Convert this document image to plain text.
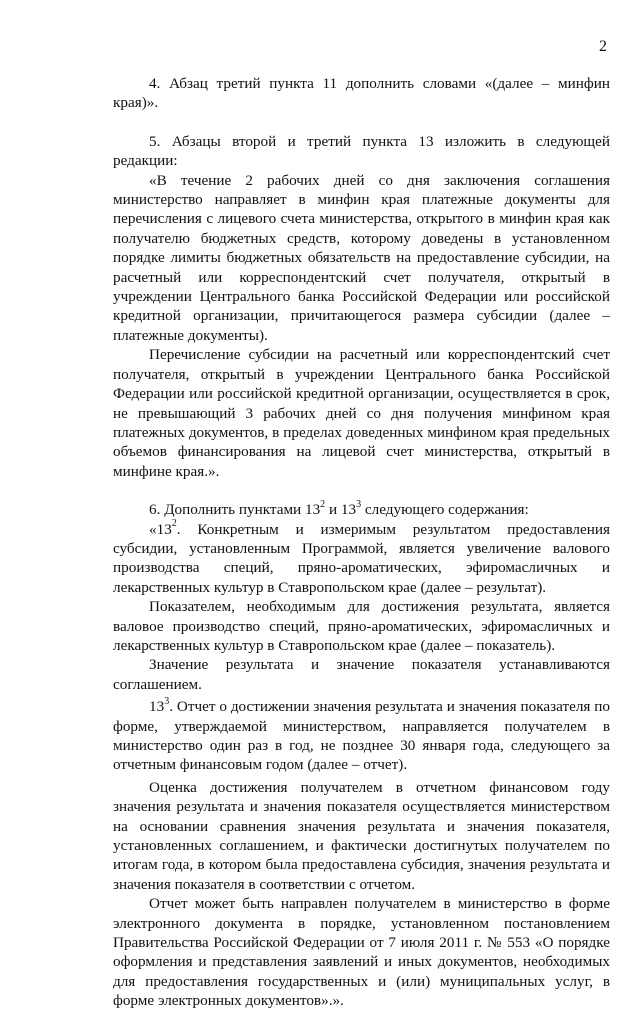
2

4. Абзац третий пункта 11 дополнить словами «(далее – минфин края)».

5. Абзацы второй и третий пункта 13 изложить в следующей редакции:

«В течение 2 рабочих дней со дня заключения соглашения министерство направляет в минфин края платежные документы для перечисления с лицевого счета министерства, открытого в минфин края как получателю бюджетных средств, которому доведены в установленном порядке лимиты бюджетных обязательств на предоставление субсидии, на расчетный или корреспондентский счет получателя, открытый в учреждении Центрального банка Российской Федерации или российской кредитной организации, причитающегося размера субсидии (далее – платежные документы).

Перечисление субсидии на расчетный или корреспондентский счет получателя, открытый в учреждении Центрального банка Российской Федерации или российской кредитной организации, осуществляется в срок, не превышающий 3 рабочих дней со дня получения минфином края платежных документов, в пределах доведенных минфином края предельных объемов финансирования на лицевой счет министерства, открытый в минфине края.».

6. Дополнить пунктами $13^2$ и $13^3$ следующего содержания:

«$13^2$. Конкретным и измеримым результатом предоставления субсидии, установленным Программой, является увеличение валового производства специй, пряно-ароматических, эфиромасличных и лекарственных культур в Ставропольском крае (далее – результат).

Показателем, необходимым для достижения результата, является валовое производство специй, пряно-ароматических, эфиромасличных и лекарственных культур в Ставропольском крае (далее – показатель).

Значение результата и значение показателя устанавливаются соглашением.

$13^3$. Отчет о достижении значения результата и значения показателя по форме, утверждаемой министерством, направляется получателем в министерство один раз в год, не позднее 30 января года, следующего за отчетным финансовым годом (далее – отчет).

Оценка достижения получателем в отчетном финансовом году значения результата и значения показателя осуществляется министерством на основании сравнения значения результата и значения показателя, установленных соглашением, и фактически достигнутых получателем по итогам года, в котором была предоставлена субсидия, значения результата и значения показателя в соответствии с отчетом.

Отчет может быть направлен получателем в министерство в форме электронного документа в порядке, установленном постановлением Правительства Российской Федерации от 7 июля 2011 г. № 553 «О порядке оформления и представления заявлений и иных документов, необходимых для предоставления государственных и (или) муниципальных услуг, в форме электронных документов».».
